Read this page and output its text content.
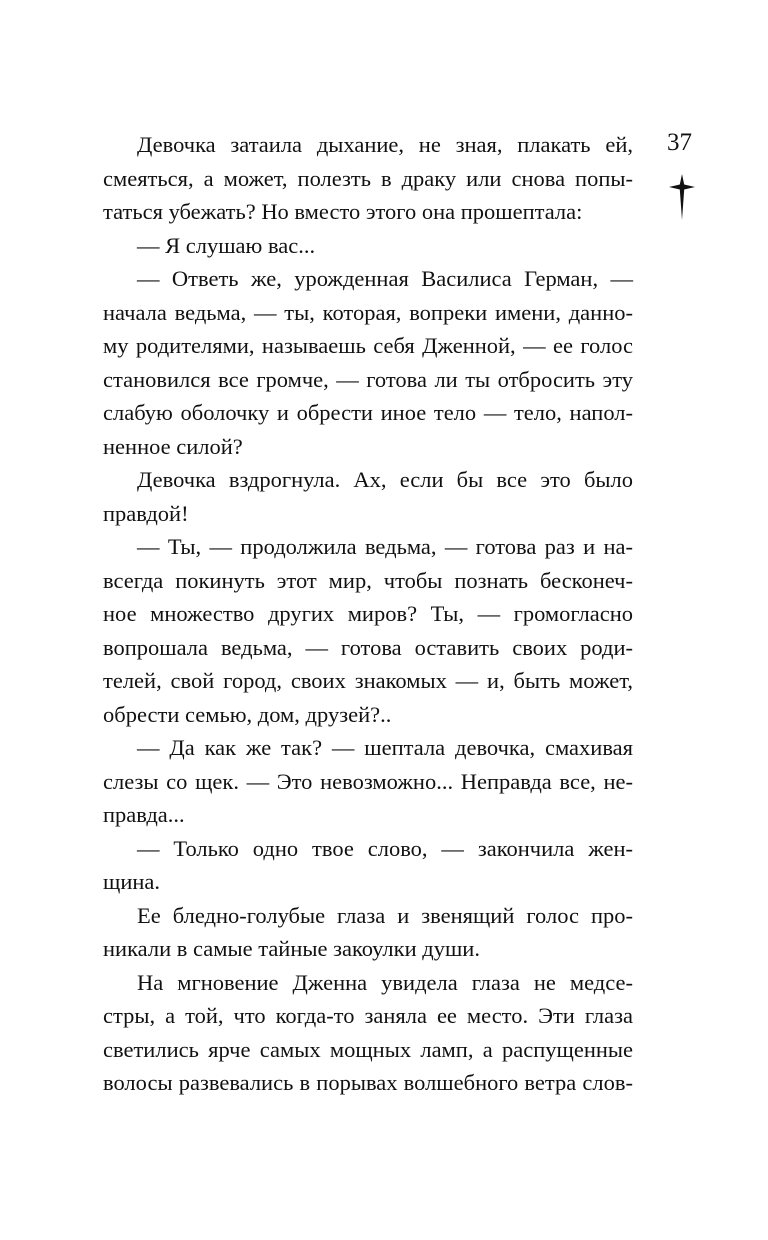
37
Девочка затаила дыхание, не зная, плакать ей,
смеяться, а может, полезть в драку или снова попы-
таться убежать? Но вместо этого она прошептала:
— Я слушаю вас...
— Ответь же, урожденная Василиса Герман, —
начала ведьма, — ты, которая, вопреки имени, данно-
му родителями, называешь себя Дженной, — ее голос
становился все громче, — готова ли ты отбросить эту
слабую оболочку и обрести иное тело — тело, напол-
ненное силой?
Девочка вздрогнула. Ах, если бы все это было
правдой!
— Ты, — продолжила ведьма, — готова раз и на-
всегда покинуть этот мир, чтобы познать бесконеч-
ное множество других миров? Ты, — громогласно
вопрошала ведьма, — готова оставить своих роди-
телей, свой город, своих знакомых — и, быть может,
обрести семью, дом, друзей?..
— Да как же так? — шептала девочка, смахивая
слезы со щек. — Это невозможно... Неправда все, не-
правда...
— Только одно твое слово, — закончила жен-
щина.
Ее бледно-голубые глаза и звенящий голос про-
никали в самые тайные закоулки души.
На мгновение Дженна увидела глаза не медсе-
стры, а той, что когда-то заняла ее место. Эти глаза
светились ярче самых мощных ламп, а распущенные
волосы развевались в порывах волшебного ветра слов-
